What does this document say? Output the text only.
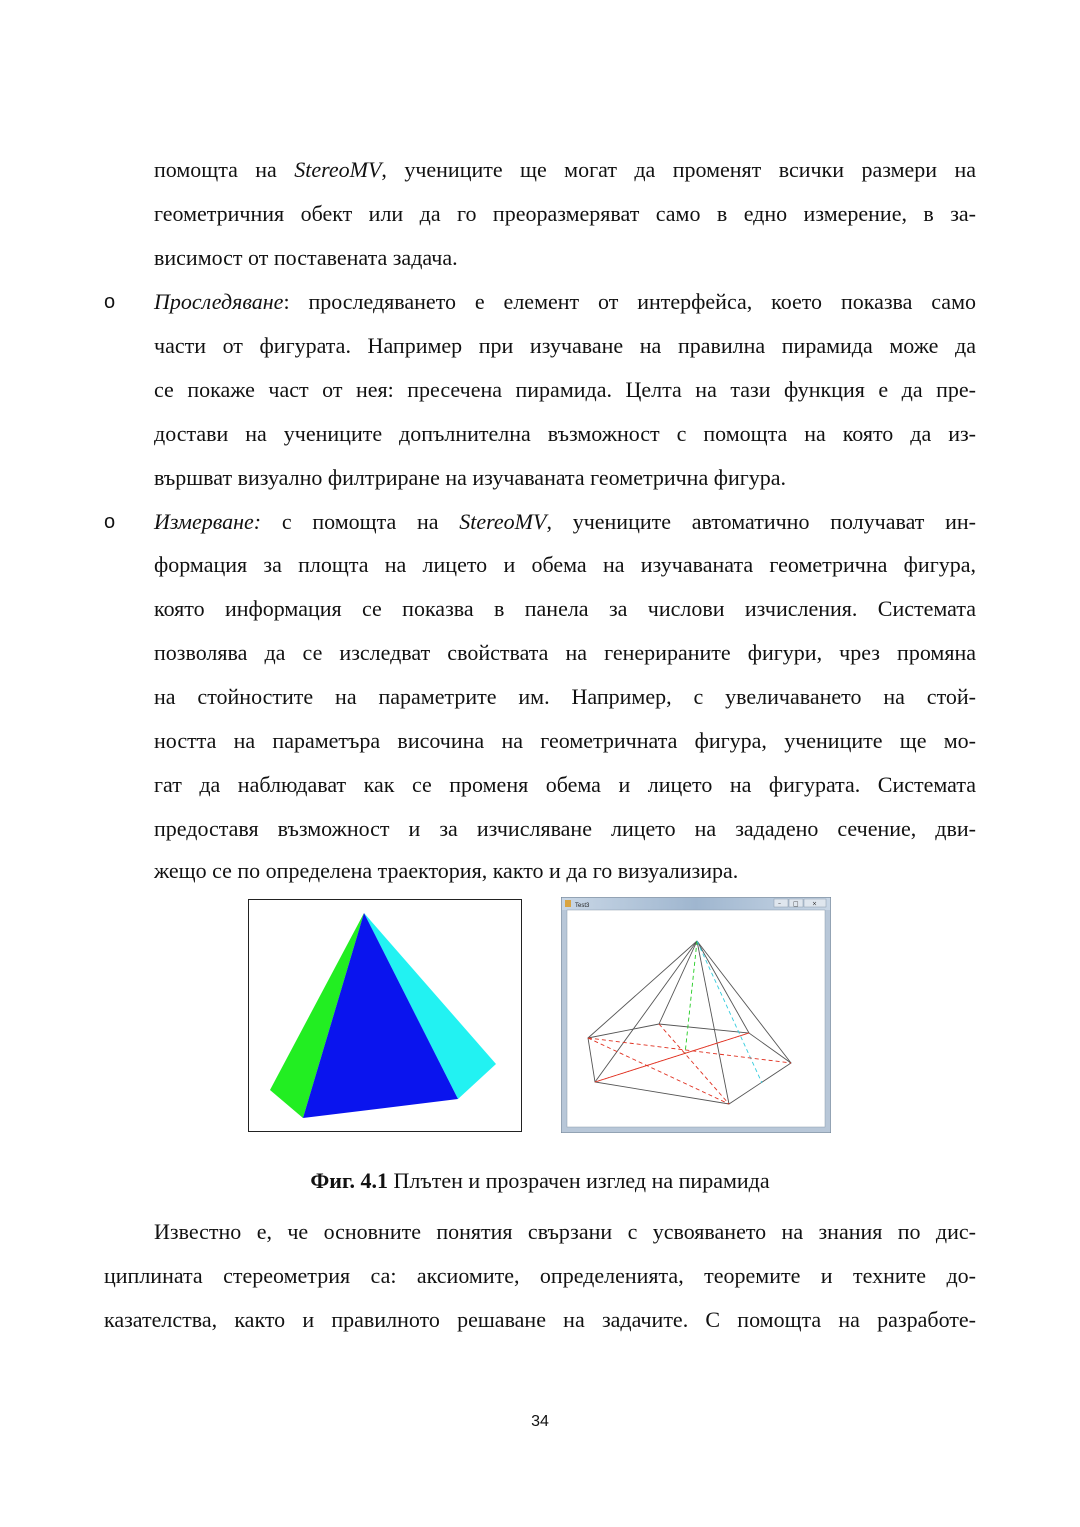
помощта на StereoMV, учениците ще могат да променят всички размери на
геометричния обект или да го преоразмеряват само в едно измерение, в за-
висимост от поставената задача.
o Проследяване: проследяването е елемент от интерфейса, което показва само
части от фигурата. Например при изучаване на правилна пирамида може да
се покаже част от нея: пресечена пирамида. Целта на тази функция е да пре-
достави на учениците допълнителна възможност с помощта на която да из-
вършват визуално филтриране на изучаваната геометрична фигура.
o Измерване: с помощта на StereoMV, учениците автоматично получават ин-
формация за площта на лицето и обема на изучаваната геометрична фигура,
която информация се показва в панела за числови изчисления. Системата
позволява да се изследват свойствата на генерираните фигури, чрез промяна
на стойностите на параметрите им. Например, с увеличаването на стой-
ността на параметъра височина на геометричната фигура, учениците ще мо-
гат да наблюдават как се променя обема и лицето на фигурата. Системата
предоставя възможност и за изчисляване лицето на зададено сечение, дви-
жещо се по определена траектория, както и да го визуализира.
Test3	– □ ×
Фиг. 4.1 Плътен и прозрачен изглед на пирамида
Известно е, че основните понятия свързани с усвояването на знания по дис-
циплината стереометрия са: аксиомите, определенията, теоремите и техните до-
казателства, както и правилното решаване на задачите. С помощта на разработе-
34
